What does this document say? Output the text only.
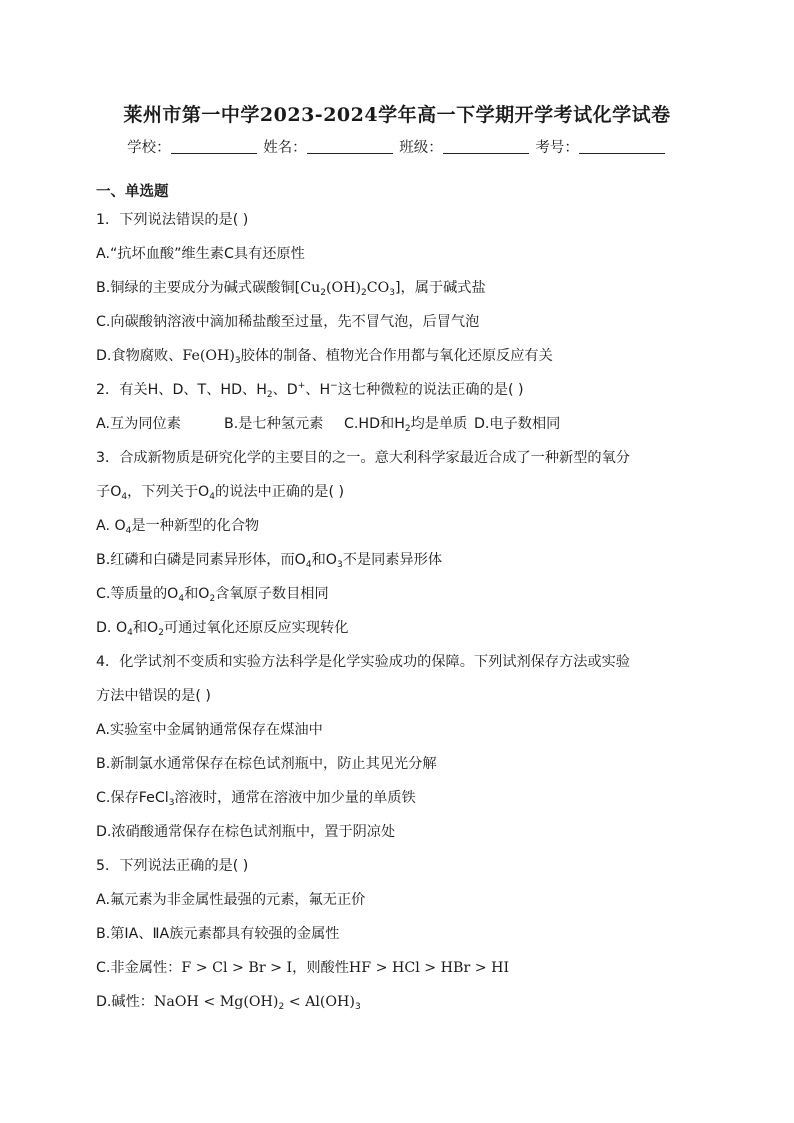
莱州市第一中学2023-2024学年高一下学期开学考试化学试卷
学校：	姓名：	班级：	考号：
一、单选题
1．下列说法错误的是( )
A.“抗坏血酸”维生素C具有还原性
B.铜绿的主要成分为碱式碳酸铜$[Cu_2(OH)_2CO_3]$，属于碱式盐
C.向碳酸钠溶液中滴加稀盐酸至过量，先不冒气泡，后冒气泡
D.食物腐败、$Fe(OH)_3$胶体的制备、植物光合作用都与氧化还原反应有关
2．有关H、D、T、HD、$H_2$、D+、H−这七种微粒的说法正确的是( )
A.互为同位素	B.是七种氢元素 C.HD和$H_2$均是单质 D.电子数相同
3．合成新物质是研究化学的主要目的之一。意大利科学家最近合成了一种新型的氧分
子$O_4$，下列关于$O_4$的说法中正确的是( )
A. $O_4$是一种新型的化合物
B.红磷和白磷是同素异形体，而$O_4$和$O_3$不是同素异形体
C.等质量的$O_4$和$O_2$含氧原子数目相同
D. $O_4$和$O_2$可通过氧化还原反应实现转化
4．化学试剂不变质和实验方法科学是化学实验成功的保障。下列试剂保存方法或实验
方法中错误的是( )
A.实验室中金属钠通常保存在煤油中
B.新制氯水通常保存在棕色试剂瓶中，防止其见光分解
C.保存FeCl$_3$溶液时，通常在溶液中加少量的单质铁
D.浓硝酸通常保存在棕色试剂瓶中，置于阴凉处
5．下列说法正确的是( )
A.氟元素为非金属性最强的元素，氟无正价
B.第ⅠA、ⅡA族元素都具有较强的金属性
C.非金属性：F > Cl > Br > I，则酸性HF > HCl > HBr > HI
D.碱性：NaOH < $Mg(OH)_2 < Al(OH)_3$
